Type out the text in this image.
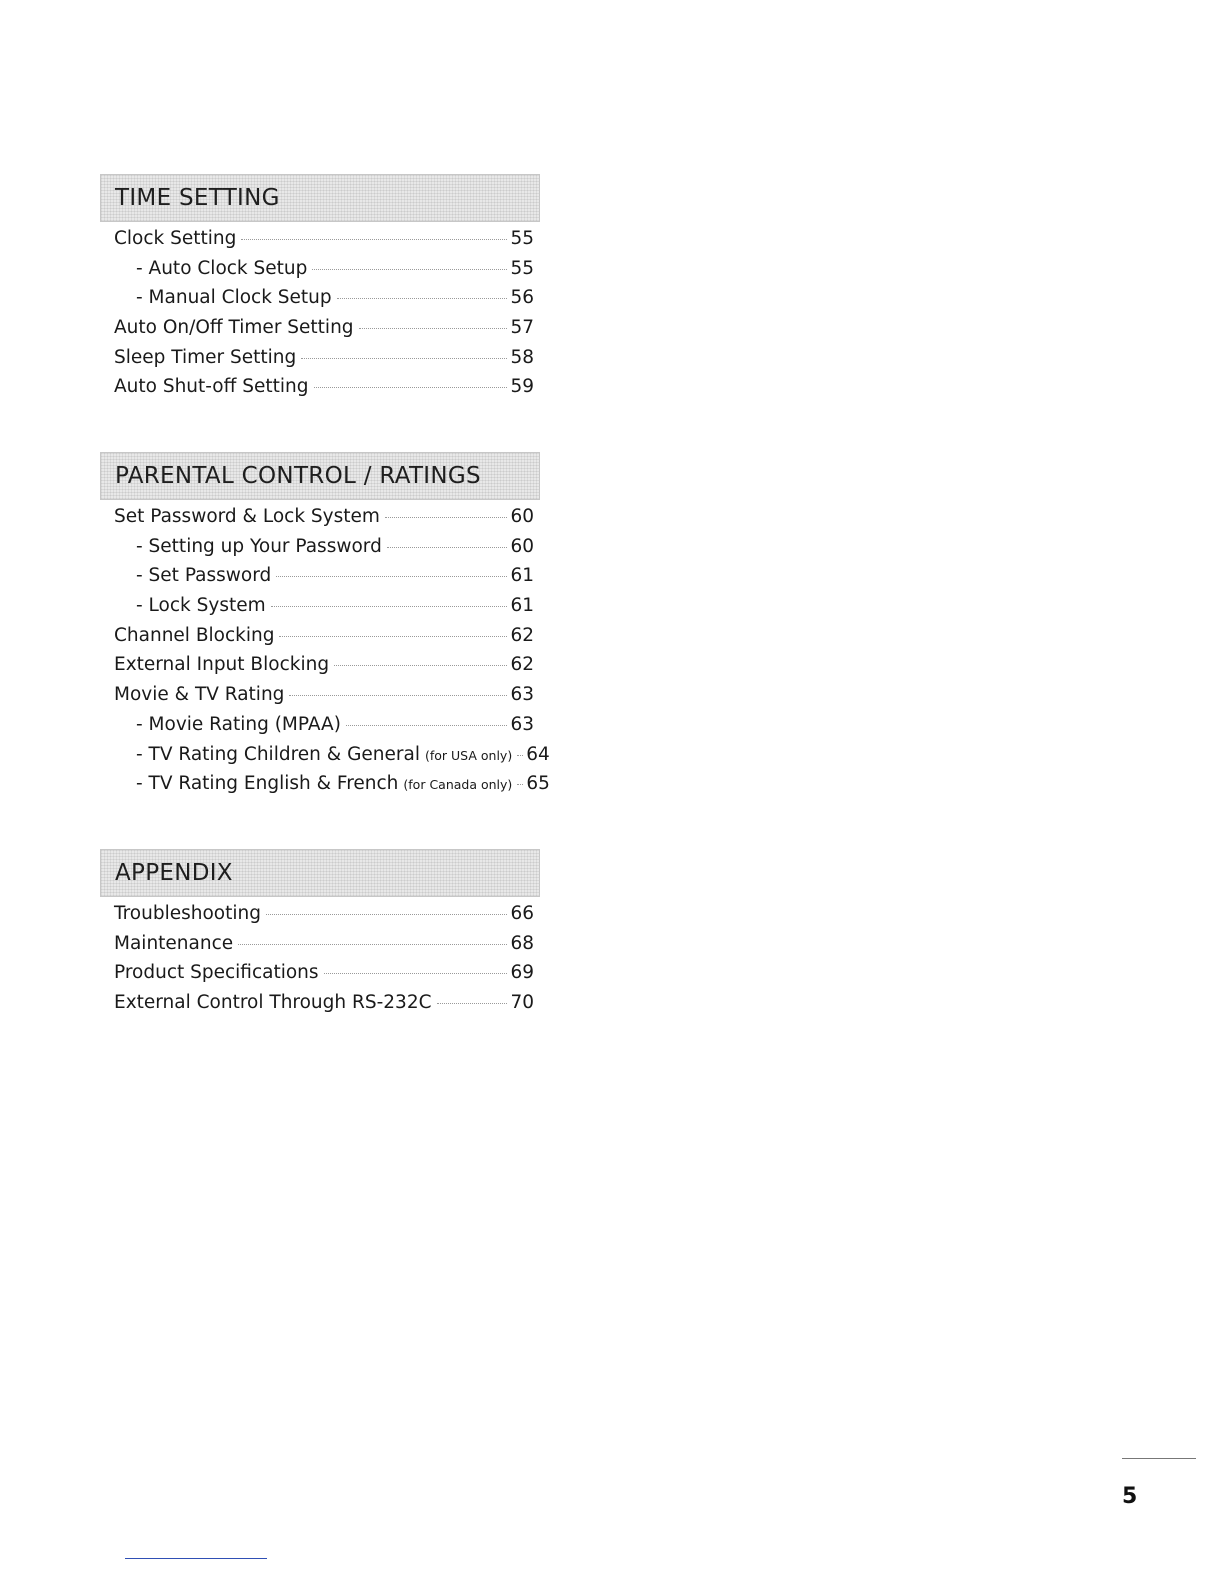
TIME SETTING
Clock Setting	55
- Auto Clock Setup	55
- Manual Clock Setup	56
Auto On/Off Timer Setting	57
Sleep Timer Setting	58
Auto Shut-off Setting	59
PARENTAL CONTROL / RATINGS
Set Password & Lock System	60
- Setting up Your Password	60
- Set Password	61
- Lock System	61
Channel Blocking	62
External Input Blocking	62
Movie & TV Rating	63
- Movie Rating (MPAA)	63
- TV Rating Children & General (for USA only) 64
- TV Rating English & French (for Canada only) 65
APPENDIX
Troubleshooting	66
Maintenance	68
Product Specifications	69
External Control Through RS-232C	70
5
